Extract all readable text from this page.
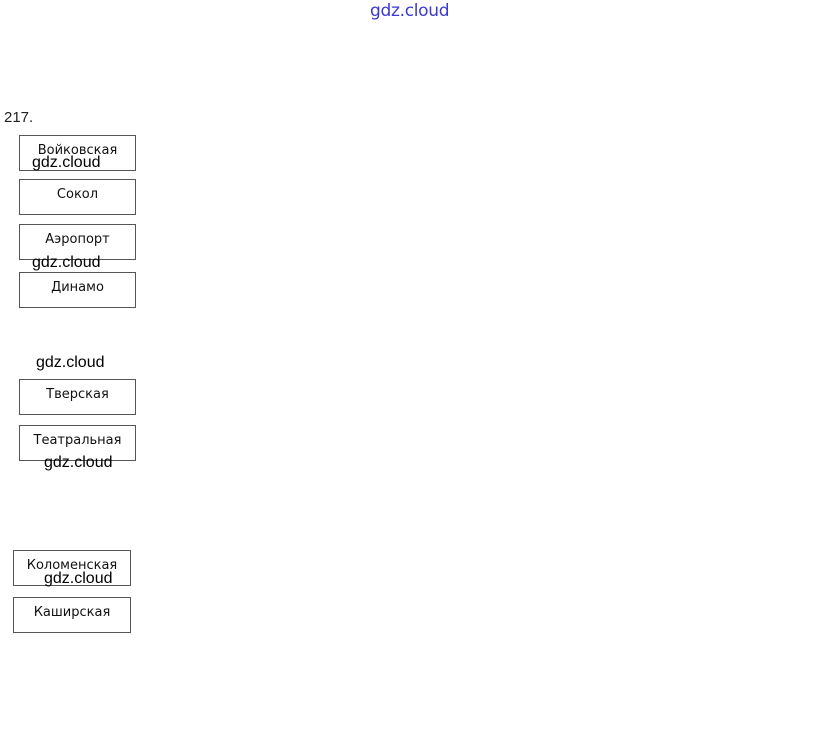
gdz.cloud
217.
Войковская
Сокол
Аэропорт
Динамо
Тверская
Театральная
Коломенская
Каширская
gdz.cloud
gdz.cloud
gdz.cloud
gdz.cloud
gdz.cloud
